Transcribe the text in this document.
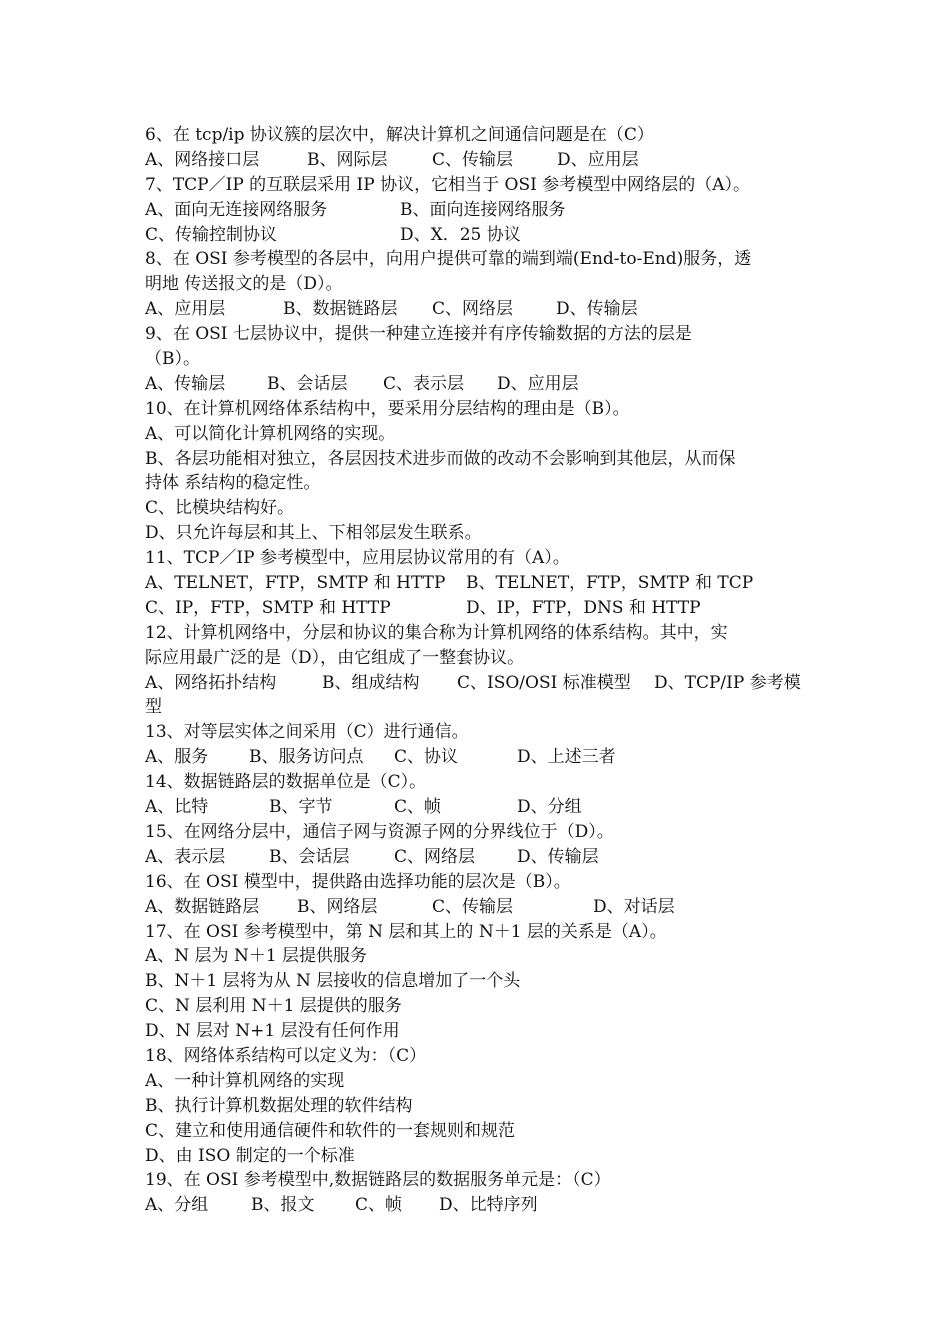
6、在 tcp/ip 协议簇的层次中，解决计算机之间通信问题是在（C）
A、网络接口层	B、网际层	C、传输层	D、应用层
7、TCP／IP 的互联层采用 IP 协议，它相当于 OSI 参考模型中网络层的（A）。
A、面向无连接网络服务	B、面向连接网络服务
C、传输控制协议	D、X．25 协议
8、在 OSI 参考模型的各层中，向用户提供可靠的端到端(End-to-End)服务，透
明地 传送报文的是（D）。
A、应用层	B、数据链路层 C、网络层	D、传输层
9、在 OSI 七层协议中，提供一种建立连接并有序传输数据的方法的层是
（B）。
A、传输层 B、会话层 C、表示层 D、应用层
10、在计算机网络体系结构中，要采用分层结构的理由是（B）。
A、可以简化计算机网络的实现。
B、各层功能相对独立，各层因技术进步而做的改动不会影响到其他层，从而保
持体 系结构的稳定性。
C、比模块结构好。
D、只允许每层和其上、下相邻层发生联系。
11、TCP／IP 参考模型中，应用层协议常用的有（A）。
A、TELNET，FTP，SMTP 和 HTTP B、TELNET，FTP，SMTP 和 TCP
C、IP，FTP，SMTP 和 HTTP	D、IP，FTP，DNS 和 HTTP
12、计算机网络中，分层和协议的集合称为计算机网络的体系结构。其中，实
际应用最广泛的是（D），由它组成了一整套协议。
A、网络拓扑结构	B、组成结构 C、ISO/OSI 标准模型 D、TCP/IP 参考模
型
13、对等层实体之间采用（C）进行通信。
A、服务 B、服务访问点 C、协议	D、上述三者
14、数据链路层的数据单位是（C）。
A、比特	B、字节	C、帧	D、分组
15、在网络分层中，通信子网与资源子网的分界线位于（D）。
A、表示层	B、会话层	C、网络层 D、传输层
16、在 OSI 模型中，提供路由选择功能的层次是（B）。
A、数据链路层 B、网络层	C、传输层	D、对话层
17、在 OSI 参考模型中，第 N 层和其上的 N＋1 层的关系是（A）。
A、N 层为 N＋1 层提供服务
B、N＋1 层将为从 N 层接收的信息增加了一个头
C、N 层利用 N＋1 层提供的服务
D、N 层对 N+1 层没有任何作用
18、网络体系结构可以定义为：（C）
A、一种计算机网络的实现
B、执行计算机数据处理的软件结构
C、建立和使用通信硬件和软件的一套规则和规范
D、由 ISO 制定的一个标准
19、在 OSI 参考模型中,数据链路层的数据服务单元是：（C）
A、分组	B、报文 C、帧 D、比特序列
